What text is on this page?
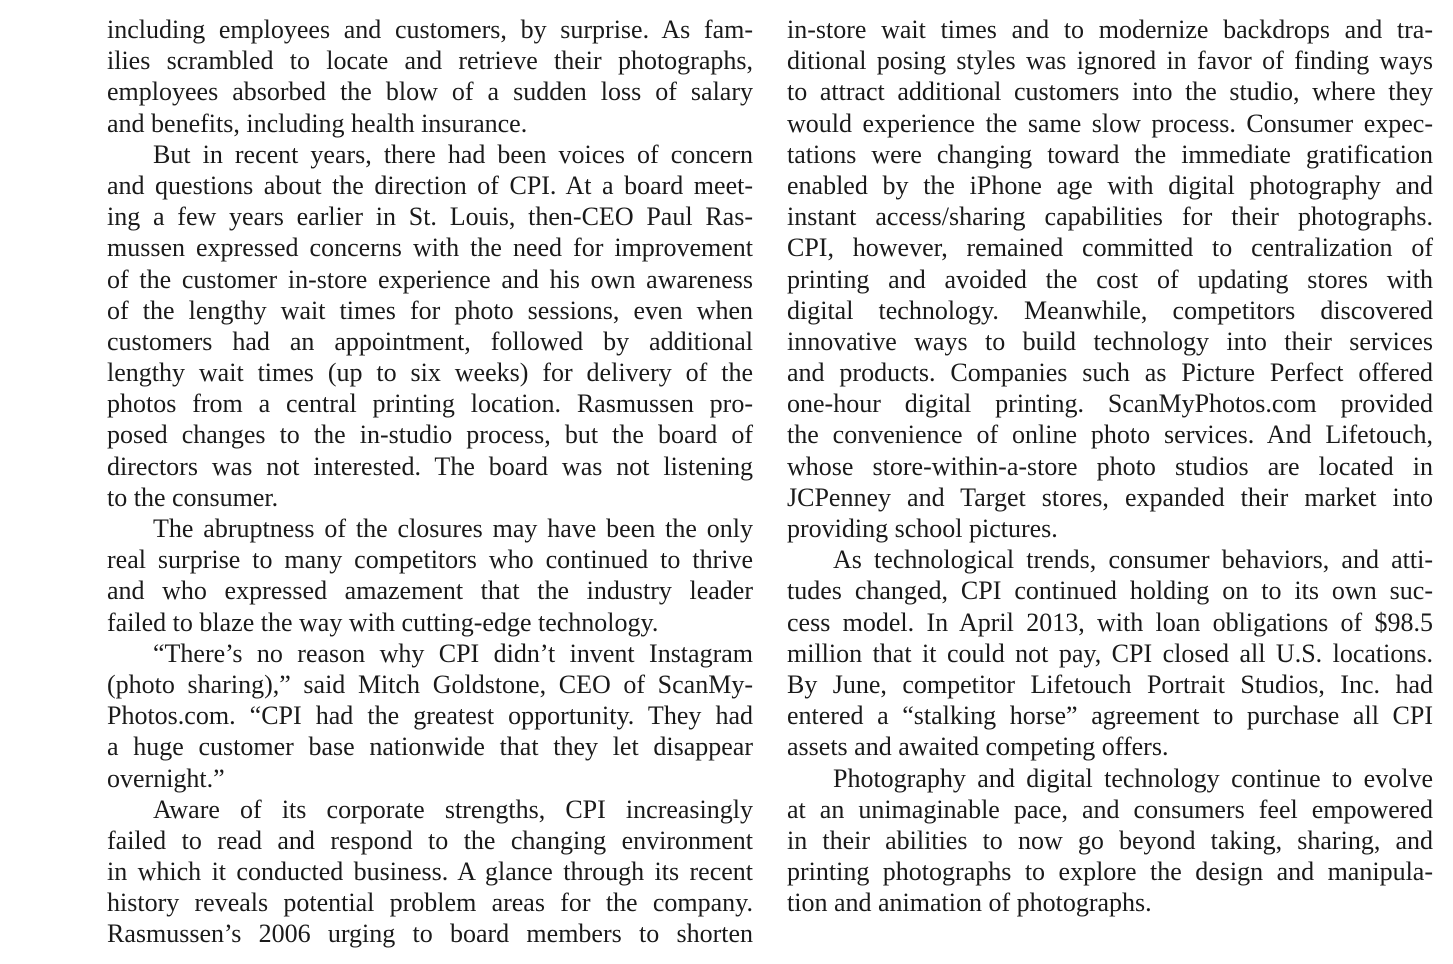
including employees and customers, by surprise. As fam-
ilies scrambled to locate and retrieve their photographs,
employees absorbed the blow of a sudden loss of salary
and benefits, including health insurance.
But in recent years, there had been voices of concern
and questions about the direction of CPI. At a board meet-
ing a few years earlier in St. Louis, then-CEO Paul Ras-
mussen expressed concerns with the need for improvement
of the customer in-store experience and his own awareness
of the lengthy wait times for photo sessions, even when
customers had an appointment, followed by additional
lengthy wait times (up to six weeks) for delivery of the
photos from a central printing location. Rasmussen pro-
posed changes to the in-studio process, but the board of
directors was not interested. The board was not listening
to the consumer.
The abruptness of the closures may have been the only
real surprise to many competitors who continued to thrive
and who expressed amazement that the industry leader
failed to blaze the way with cutting-edge technology.
“There’s no reason why CPI didn’t invent Instagram
(photo sharing),” said Mitch Goldstone, CEO of ScanMy-
Photos.com. “CPI had the greatest opportunity. They had
a huge customer base nationwide that they let disappear
overnight.”
Aware of its corporate strengths, CPI increasingly
failed to read and respond to the changing environment
in which it conducted business. A glance through its recent
history reveals potential problem areas for the company.
Rasmussen’s 2006 urging to board members to shorten
in-store wait times and to modernize backdrops and tra-
ditional posing styles was ignored in favor of finding ways
to attract additional customers into the studio, where they
would experience the same slow process. Consumer expec-
tations were changing toward the immediate gratification
enabled by the iPhone age with digital photography and
instant access/sharing capabilities for their photographs.
CPI, however, remained committed to centralization of
printing and avoided the cost of updating stores with
digital technology. Meanwhile, competitors discovered
innovative ways to build technology into their services
and products. Companies such as Picture Perfect offered
one-hour digital printing. ScanMyPhotos.com provided
the convenience of online photo services. And Lifetouch,
whose store-within-a-store photo studios are located in
JCPenney and Target stores, expanded their market into
providing school pictures.
As technological trends, consumer behaviors, and atti-
tudes changed, CPI continued holding on to its own suc-
cess model. In April 2013, with loan obligations of $98.5
million that it could not pay, CPI closed all U.S. locations.
By June, competitor Lifetouch Portrait Studios, Inc. had
entered a “stalking horse” agreement to purchase all CPI
assets and awaited competing offers.
Photography and digital technology continue to evolve
at an unimaginable pace, and consumers feel empowered
in their abilities to now go beyond taking, sharing, and
printing photographs to explore the design and manipula-
tion and animation of photographs.
